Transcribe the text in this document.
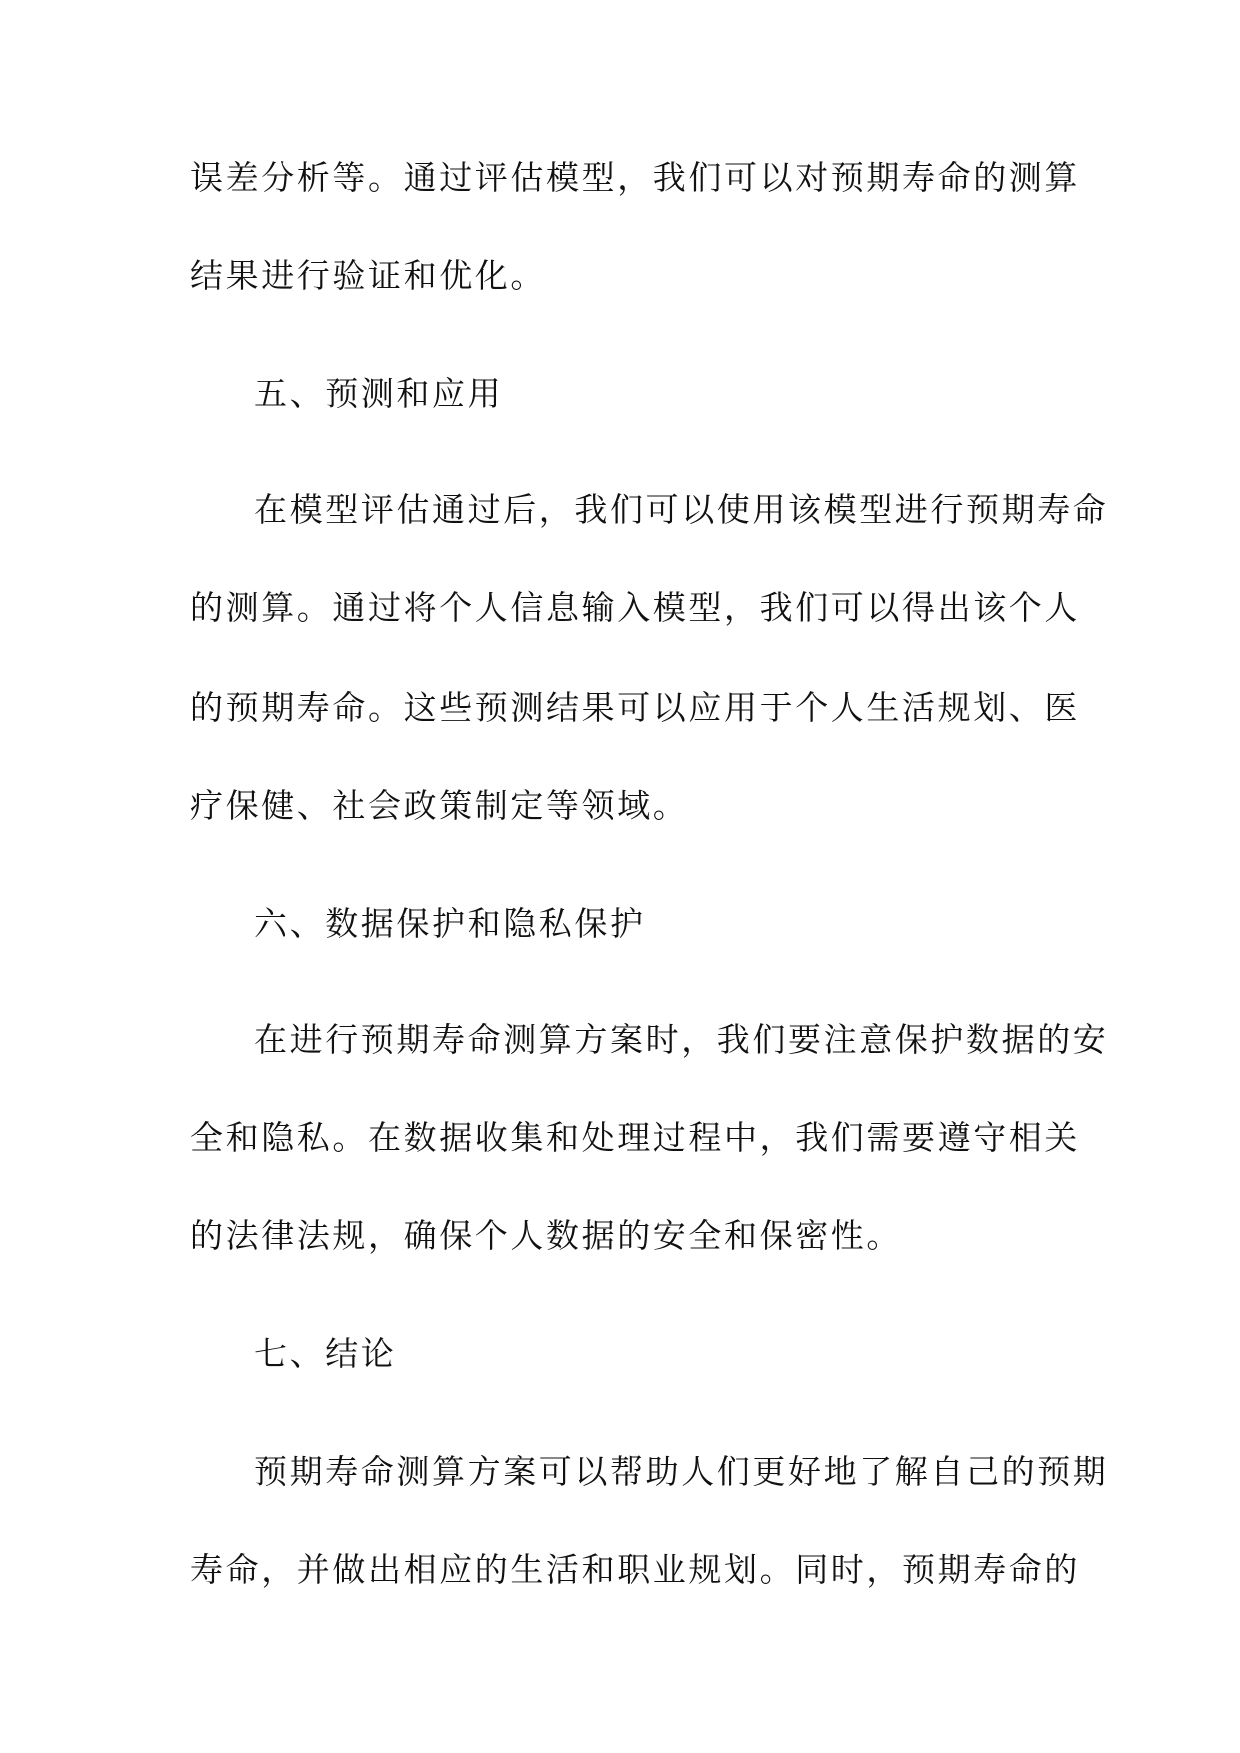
误差分析等。通过评估模型，我们可以对预期寿命的测算
结果进行验证和优化。
五、预测和应用
在模型评估通过后，我们可以使用该模型进行预期寿命
的测算。通过将个人信息输入模型，我们可以得出该个人
的预期寿命。这些预测结果可以应用于个人生活规划、医
疗保健、社会政策制定等领域。
六、数据保护和隐私保护
在进行预期寿命测算方案时，我们要注意保护数据的安
全和隐私。在数据收集和处理过程中，我们需要遵守相关
的法律法规，确保个人数据的安全和保密性。
七、结论
预期寿命测算方案可以帮助人们更好地了解自己的预期
寿命，并做出相应的生活和职业规划。同时，预期寿命的
